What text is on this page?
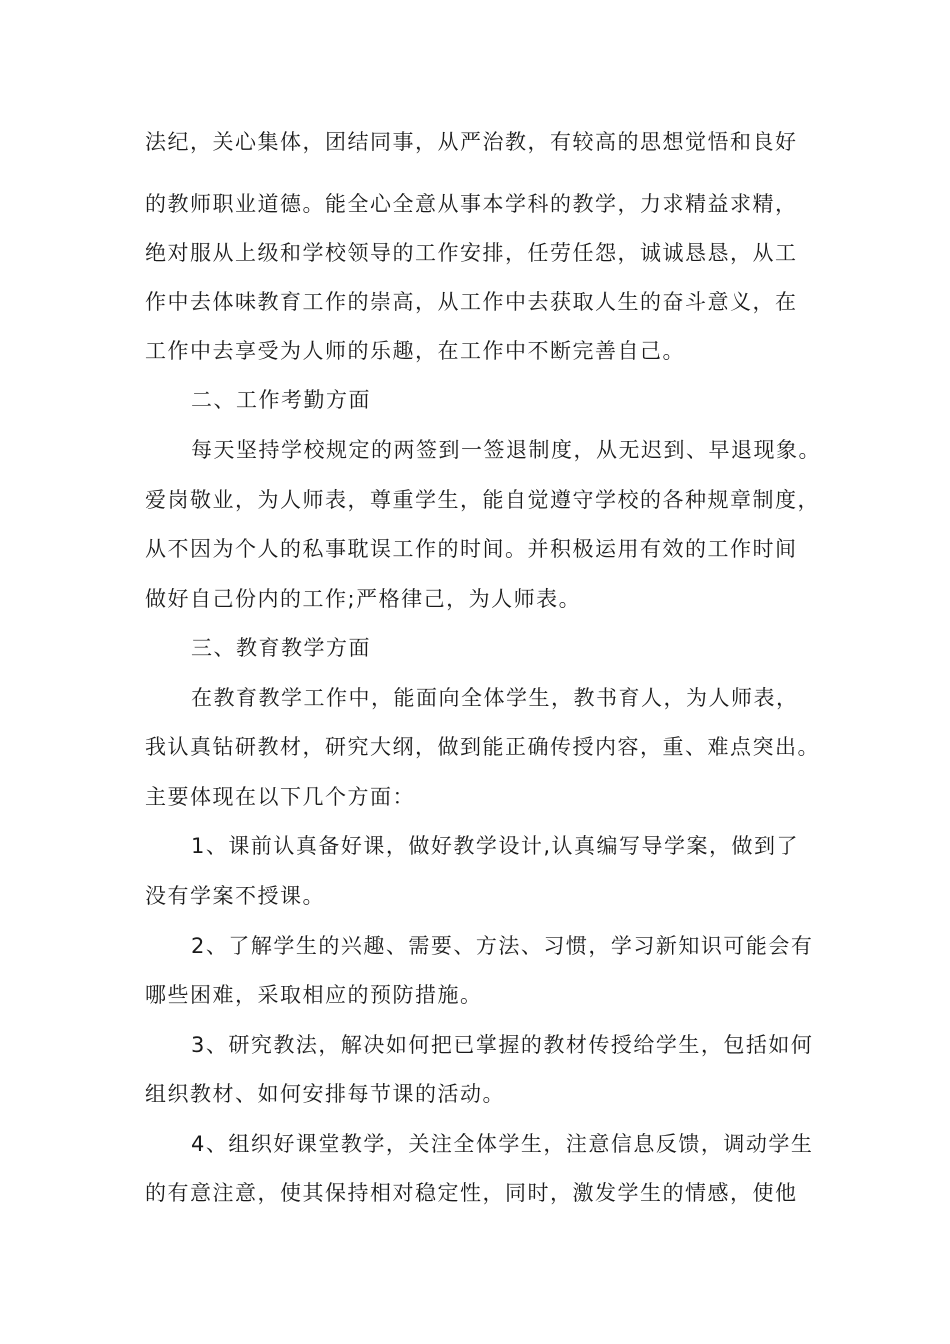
法纪，关心集体，团结同事，从严治教，有较高的思想觉悟和良好
的教师职业道德。能全心全意从事本学科的教学，力求精益求精，
绝对服从上级和学校领导的工作安排，任劳任怨，诚诚恳恳，从工
作中去体味教育工作的崇高，从工作中去获取人生的奋斗意义，在
工作中去享受为人师的乐趣，在工作中不断完善自己。
二、工作考勤方面
每天坚持学校规定的两签到一签退制度，从无迟到、早退现象。
爱岗敬业，为人师表，尊重学生，能自觉遵守学校的各种规章制度，
从不因为个人的私事耽误工作的时间。并积极运用有效的工作时间
做好自己份内的工作;严格律己，为人师表。
三、教育教学方面
在教育教学工作中，能面向全体学生，教书育人，为人师表，
我认真钻研教材，研究大纲，做到能正确传授内容，重、难点突出。
主要体现在以下几个方面：
1、课前认真备好课，做好教学设计,认真编写导学案，做到了
没有学案不授课。
2、了解学生的兴趣、需要、方法、习惯，学习新知识可能会有
哪些困难，采取相应的预防措施。
3、研究教法，解决如何把已掌握的教材传授给学生，包括如何
组织教材、如何安排每节课的活动。
4、组织好课堂教学，关注全体学生，注意信息反馈，调动学生
的有意注意，使其保持相对稳定性，同时，激发学生的情感，使他
